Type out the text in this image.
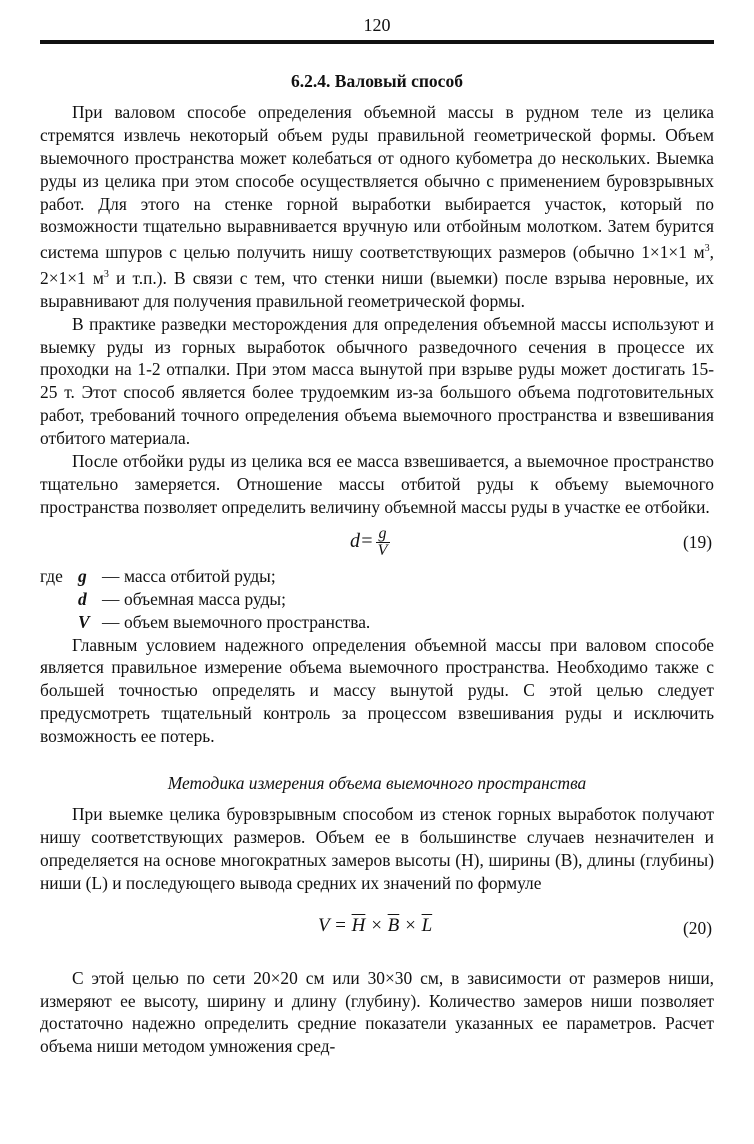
120
6.2.4. Валовый способ

При валовом способе определения объемной массы в рудном теле из целика стремятся извлечь некоторый объем руды правильной геометрической формы. Объем выемочного пространства может колебаться от одного кубометра до нескольких. Выемка руды из целика при этом способе осуществляется обычно с применением буровзрывных работ. Для этого на стенке горной выработки выбирается участок, который по возможности тщательно выравнивается вручную или отбойным молотком. Затем бурится система шпуров с целью получить нишу соответствующих размеров (обычно 1×1×1 $м^3$, 2×1×1 $м^3$ и т.п.). В связи с тем, что стенки ниши (выемки) после взрыва неровные, их выравнивают для получения правильной геометрической формы.

В практике разведки месторождения для определения объемной массы используют и выемку руды из горных выработок обычного разведочного сечения в процессе их проходки на 1-2 отпалки. При этом масса вынутой при взрыве руды может достигать 15-25 т. Этот способ является более трудоемким из-за большого объема подготовительных работ, требований точного определения объема выемочного пространства и взвешивания отбитого материала.

После отбойки руды из целика вся ее масса взвешивается, а выемочное пространство тщательно замеряется. Отношение массы отбитой руды к объему выемочного пространства позволяет определить величину объемной массы руды в участке ее отбойки.

$d= \frac{g}{V}$	(19)
где g — масса отбитой руды;
d — объемная масса руды;
V — объем выемочного пространства.

Главным условием надежного определения объемной массы при валовом способе является правильное измерение объема выемочного пространства. Необходимо также с большей точностью определять и массу вынутой руды. С этой целью следует предусмотреть тщательный контроль за процессом взвешивания руды и исключить возможность ее потерь.

Методика измерения объема выемочного пространства

При выемке целика буровзрывным способом из стенок горных выработок получают нишу соответствующих размеров. Объем ее в большинстве случаев незначителен и определяется на основе многократных замеров высоты (H), ширины (B), длины (глубины) ниши (L) и последующего вывода средних их значений по формуле

$V = \overline{H} \times \overline{B} \times \overline{L}$	(20)

С этой целью по сети 20×20 см или 30×30 см, в зависимости от размеров ниши, измеряют ее высоту, ширину и длину (глубину). Количество замеров ниши позволяет достаточно надежно определить средние показатели указанных ее параметров. Расчет объема ниши методом умножения сред-
